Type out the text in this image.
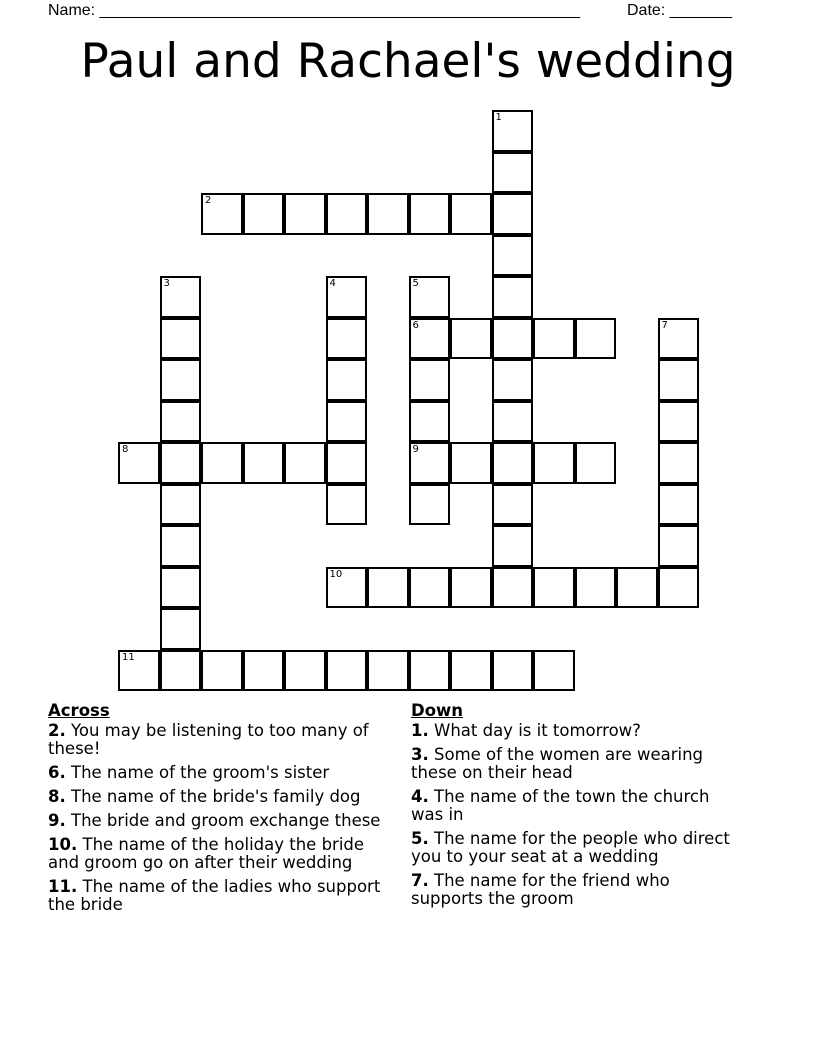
Name: ______________________________________________________	Date: _______
Paul and Rachael's wedding
1
2
3	4	5
6
9
7
8
10
11
Across
2. You may be listening to too many of these!
6. The name of the groom's sister
8. The name of the bride's family dog
9. The bride and groom exchange these
10. The name of the holiday the bride and groom go on after their wedding
11. The name of the ladies who support the bride
Down
1. What day is it tomorrow?
3. Some of the women are wearing these on their head
4. The name of the town the church was in
5. The name for the people who direct you to your seat at a wedding
7. The name for the friend who supports the groom
